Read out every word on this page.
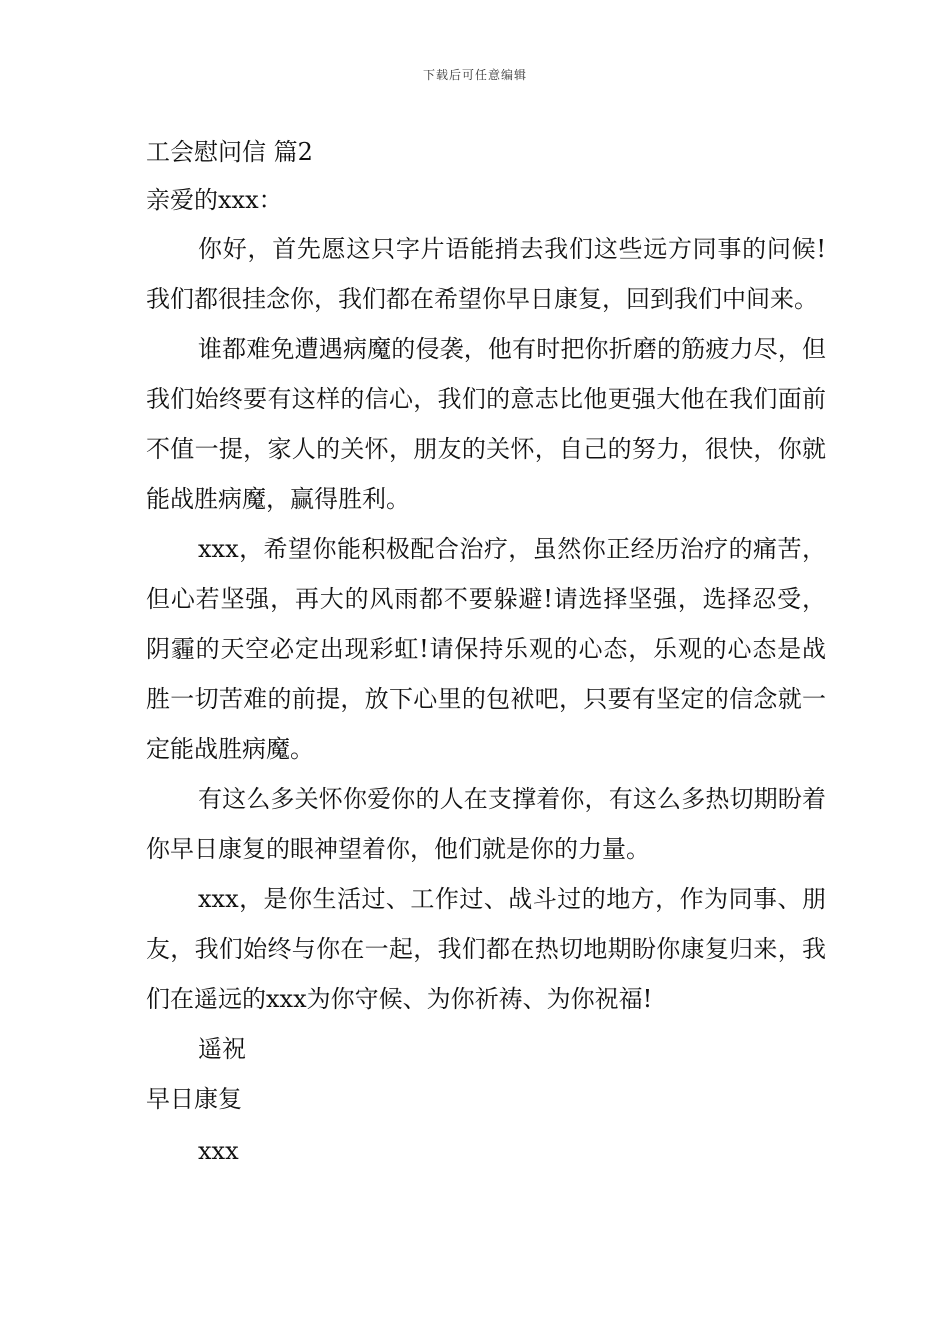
下载后可任意编辑
工会慰问信 篇2

亲爱的xxx：

你好，首先愿这只字片语能捎去我们这些远方同事的问候!我们都很挂念你，我们都在希望你早日康复，回到我们中间来。

谁都难免遭遇病魔的侵袭，他有时把你折磨的筋疲力尽，但我们始终要有这样的信心，我们的意志比他更强大他在我们面前不值一提，家人的关怀，朋友的关怀，自己的努力，很快，你就能战胜病魔，赢得胜利。

xxx，希望你能积极配合治疗，虽然你正经历治疗的痛苦，但心若坚强，再大的风雨都不要躲避!请选择坚强，选择忍受，阴霾的天空必定出现彩虹!请保持乐观的心态，乐观的心态是战胜一切苦难的前提，放下心里的包袱吧，只要有坚定的信念就一定能战胜病魔。

有这么多关怀你爱你的人在支撑着你，有这么多热切期盼着你早日康复的眼神望着你，他们就是你的力量。

xxx，是你生活过、工作过、战斗过的地方，作为同事、朋友，我们始终与你在一起，我们都在热切地期盼你康复归来，我们在遥远的xxx为你守候、为你祈祷、为你祝福!

遥祝

早日康复

xxx
